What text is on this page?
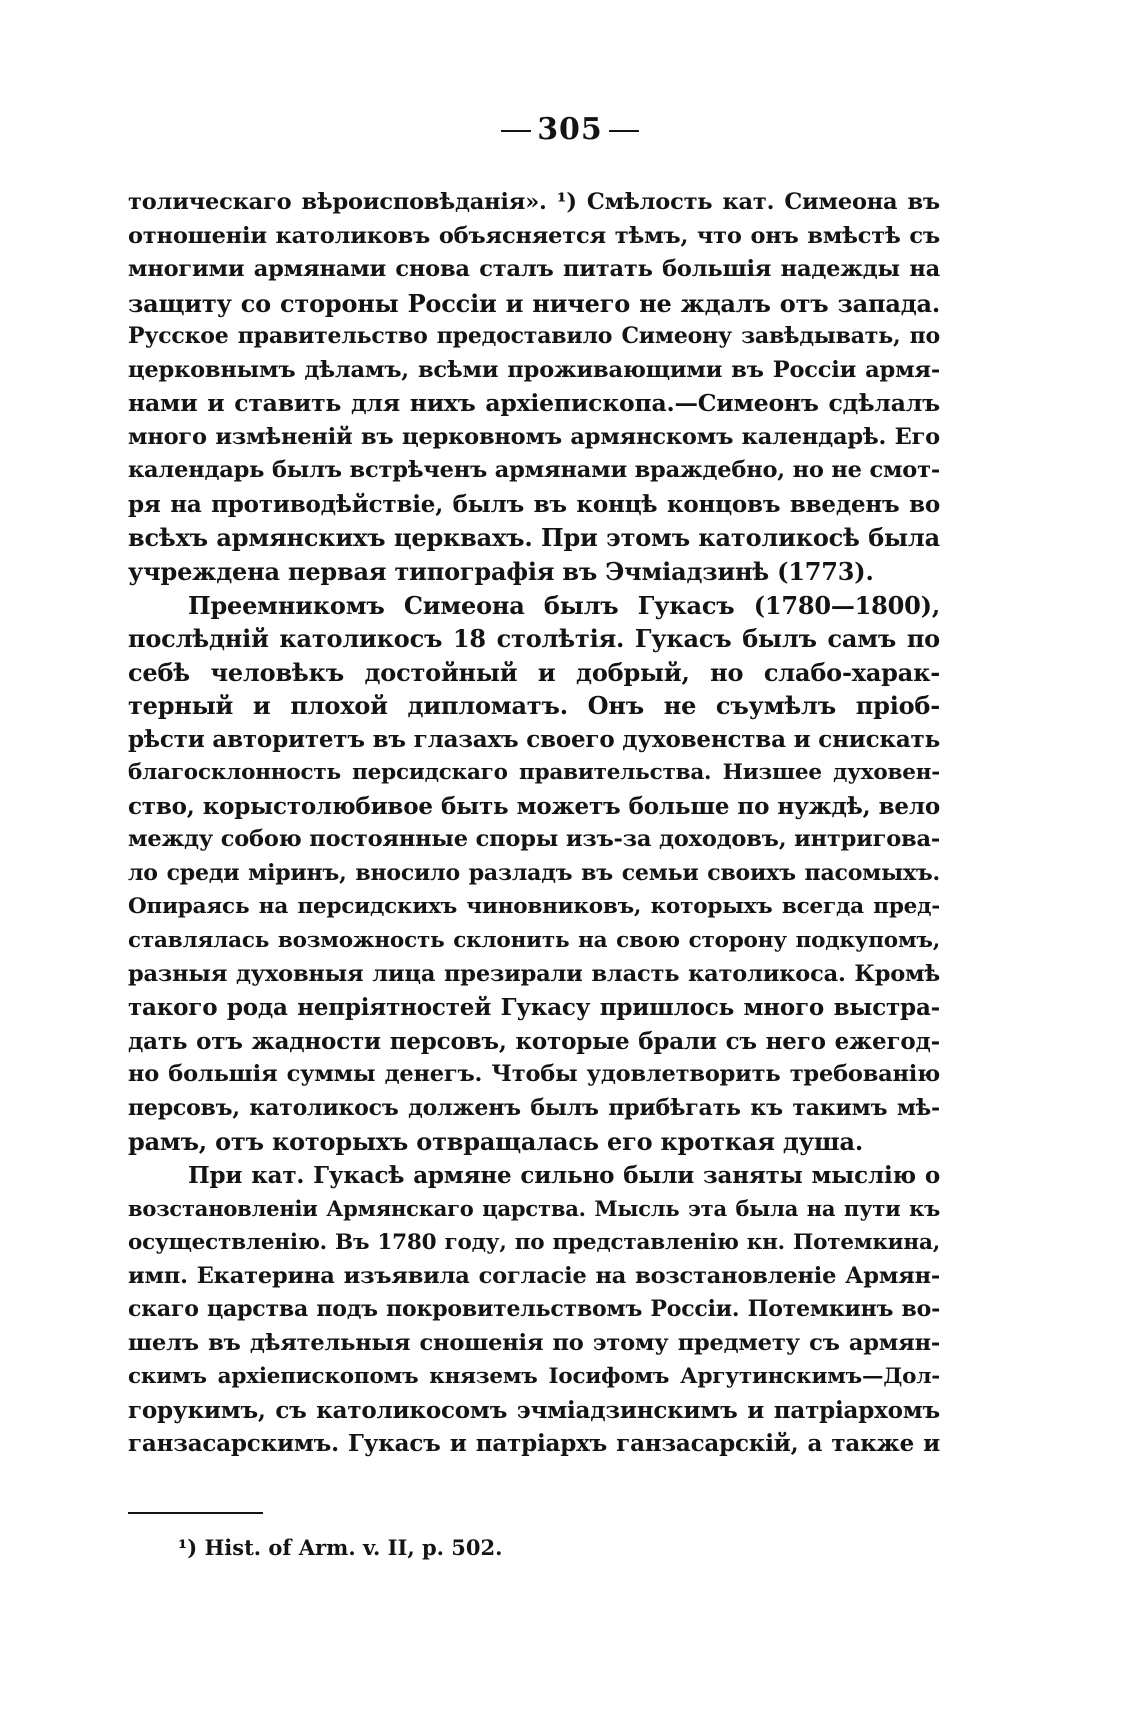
305
толическаго вѣроисповѣданія». ¹) Смѣлость кат. Симеона въ
отношеніи католиковъ объясняется тѣмъ, что онъ вмѣстѣ съ
многими армянами снова сталъ питать большія надежды на
защиту со стороны Россіи и ничего не ждалъ отъ запада.
Русское правительство предоставило Симеону завѣдывать, по
церковнымъ дѣламъ, всѣми проживающими въ Россіи армя-
нами и ставить для нихъ архіепископа.—Симеонъ сдѣлалъ
много измѣненій въ церковномъ армянскомъ календарѣ. Его
календарь былъ встрѣченъ армянами враждебно, но не смот-
ря на противодѣйствіе, былъ въ концѣ концовъ введенъ во
всѣхъ армянскихъ церквахъ. При этомъ католикосѣ была
учреждена первая типографія въ Эчміадзинѣ (1773).
Преемникомъ Симеона былъ Гукасъ (1780—1800),
послѣдній католикосъ 18 столѣтія. Гукасъ былъ самъ по
себѣ человѣкъ достойный и добрый, но слабо-харак-
терный и плохой дипломатъ. Онъ не съумѣлъ пріоб-
рѣсти авторитетъ въ глазахъ своего духовенства и снискать
благосклонность персидскаго правительства. Низшее духовен-
ство, корыстолюбивое быть можетъ больше по нуждѣ, вело
между собою постоянные споры изъ-за доходовъ, интригова-
ло среди міринъ, вносило разладъ въ семьи своихъ пасомыхъ.
Опираясь на персидскихъ чиновниковъ, которыхъ всегда пред-
ставлялась возможность склонить на свою сторону подкупомъ,
разныя духовныя лица презирали власть католикоса. Кромѣ
такого рода непріятностей Гукасу пришлось много выстра-
дать отъ жадности персовъ, которые брали съ него ежегод-
но большія суммы денегъ. Чтобы удовлетворить требованію
персовъ, католикосъ долженъ былъ прибѣгать къ такимъ мѣ-
рамъ, отъ которыхъ отвращалась его кроткая душа.
При кат. Гукасѣ армяне сильно были заняты мыслію о
возстановленіи Армянскаго царства. Мысль эта была на пути къ
осуществленію. Въ 1780 году, по представленію кн. Потемкина,
имп. Екатерина изъявила согласіе на возстановленіе Армян-
скаго царства подъ покровительствомъ Россіи. Потемкинъ во-
шелъ въ дѣятельныя сношенія по этому предмету съ армян-
скимъ архіепископомъ княземъ Іосифомъ Аргутинскимъ—Дол-
горукимъ, съ католикосомъ эчміадзинскимъ и патріархомъ
ганзасарскимъ. Гукасъ и патріархъ ганзасарскій, а также и
¹) Hist. of Arm. v. II, p. 502.
